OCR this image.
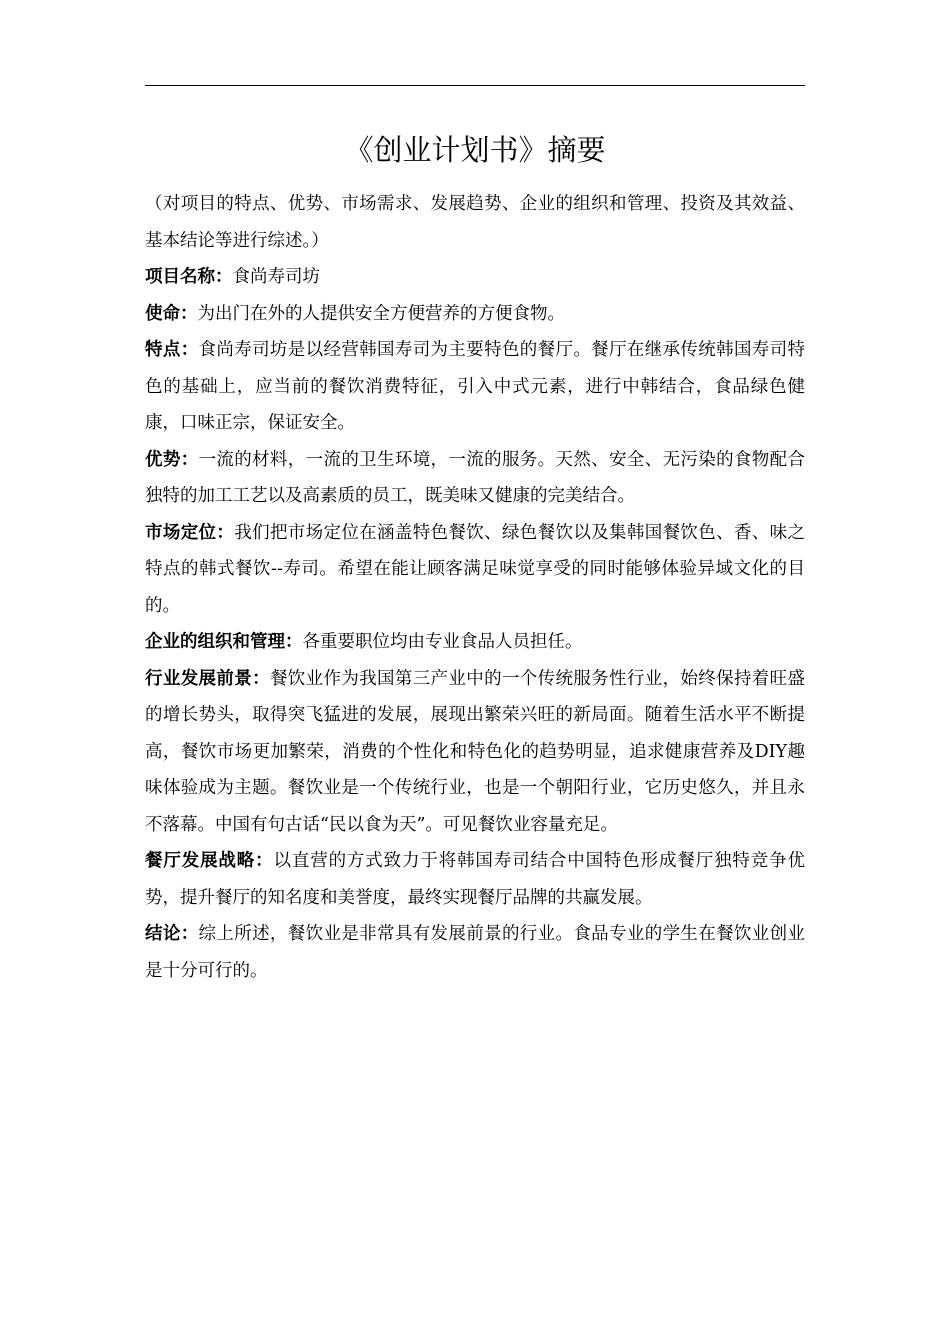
《创业计划书》摘要

（对项目的特点、优势、市场需求、发展趋势、企业的组织和管理、投资及其效益、基本结论等进行综述。）

项目名称：食尚寿司坊

使命：为出门在外的人提供安全方便营养的方便食物。

特点：食尚寿司坊是以经营韩国寿司为主要特色的餐厅。餐厅在继承传统韩国寿司特色的基础上，应当前的餐饮消费特征，引入中式元素，进行中韩结合，食品绿色健康，口味正宗，保证安全。

优势：一流的材料，一流的卫生环境，一流的服务。天然、安全、无污染的食物配合独特的加工工艺以及高素质的员工，既美味又健康的完美结合。

市场定位：我们把市场定位在涵盖特色餐饮、绿色餐饮以及集韩国餐饮色、香、味之特点的韩式餐饮--寿司。希望在能让顾客满足味觉享受的同时能够体验异域文化的目的。

企业的组织和管理：各重要职位均由专业食品人员担任。

行业发展前景：餐饮业作为我国第三产业中的一个传统服务性行业，始终保持着旺盛的增长势头，取得突飞猛进的发展，展现出繁荣兴旺的新局面。随着生活水平不断提高，餐饮市场更加繁荣，消费的个性化和特色化的趋势明显，追求健康营养及DIY趣味体验成为主题。餐饮业是一个传统行业，也是一个朝阳行业，它历史悠久，并且永不落幕。中国有句古话“民以食为天”。可见餐饮业容量充足。

餐厅发展战略：以直营的方式致力于将韩国寿司结合中国特色形成餐厅独特竞争优势，提升餐厅的知名度和美誉度，最终实现餐厅品牌的共赢发展。

结论：综上所述，餐饮业是非常具有发展前景的行业。食品专业的学生在餐饮业创业是十分可行的。
